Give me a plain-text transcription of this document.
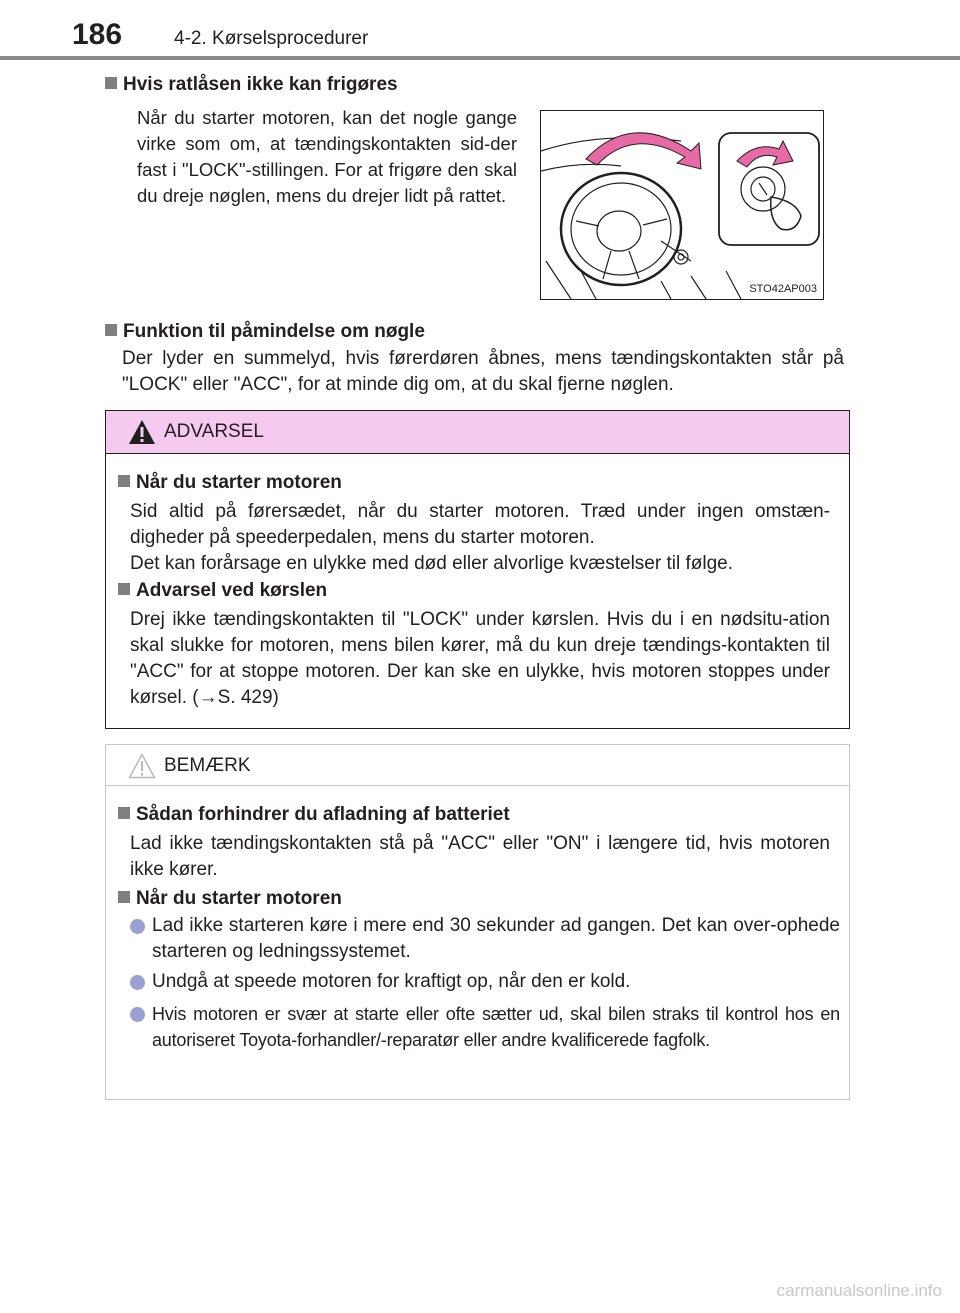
186	4-2. Kørselsprocedurer
Hvis ratlåsen ikke kan frigøres
Når du starter motoren, kan det nogle gange virke som om, at tændingskontakten sid-der fast i "LOCK"-stillingen. For at frigøre den skal du dreje nøglen, mens du drejer lidt på rattet.
STO42AP003
Funktion til påmindelse om nøgle
Der lyder en summelyd, hvis førerdøren åbnes, mens tændingskontakten står på "LOCK" eller "ACC", for at minde dig om, at du skal fjerne nøglen.
ADVARSEL
Når du starter motoren
Sid altid på førersædet, når du starter motoren. Træd under ingen omstæn-digheder på speederpedalen, mens du starter motoren.
Det kan forårsage en ulykke med død eller alvorlige kvæstelser til følge.
Advarsel ved kørslen
Drej ikke tændingskontakten til "LOCK" under kørslen. Hvis du i en nødsitu-ation skal slukke for motoren, mens bilen kører, må du kun dreje tændings-kontakten til "ACC" for at stoppe motoren. Der kan ske en ulykke, hvis motoren stoppes under kørsel. (→S. 429)
BEMÆRK
Sådan forhindrer du afladning af batteriet
Lad ikke tændingskontakten stå på "ACC" eller "ON" i længere tid, hvis motoren ikke kører.
Når du starter motoren
Lad ikke starteren køre i mere end 30 sekunder ad gangen. Det kan over-ophede starteren og ledningssystemet.
Undgå at speede motoren for kraftigt op, når den er kold.
Hvis motoren er svær at starte eller ofte sætter ud, skal bilen straks til kontrol hos en autoriseret Toyota-forhandler/-reparatør eller andre kvalificerede fagfolk.
carmanualsonline.info
